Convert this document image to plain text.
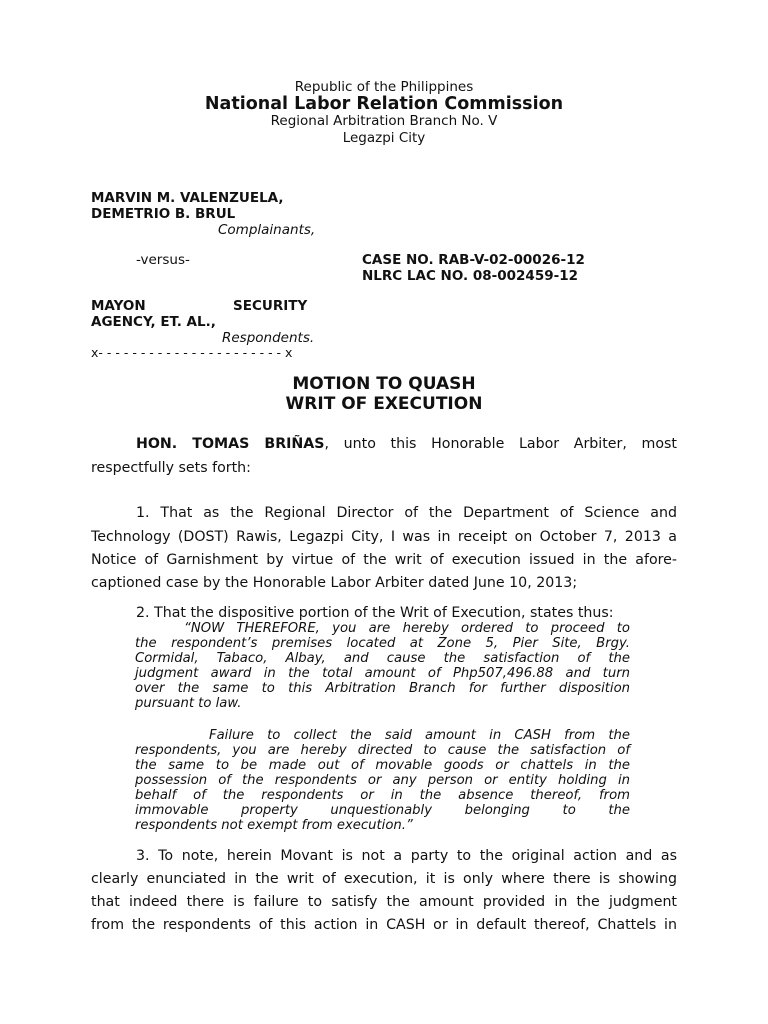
Republic of the Philippines
National Labor Relation Commission
Regional Arbitration Branch No. V
Legazpi City
MARVIN M. VALENZUELA,
DEMETRIO B. BRUL
Complainants,
-versus-	CASE NO. RAB-V-02-00026-12
NLRC LAC NO. 08-002459-12
MAYON	SECURITY
AGENCY, ET. AL.,
Respondents.
x- - - - - - - - - - - - - - - - - - - - - - x
MOTION TO QUASH
WRIT OF EXECUTION
HON. TOMAS BRIÑAS, unto this Honorable Labor Arbiter, most
respectfully sets forth:
1. That as the Regional Director of the Department of Science and
Technology (DOST) Rawis, Legazpi City, I was in receipt on October 7, 2013 a
Notice of Garnishment by virtue of the writ of execution issued in the afore-
captioned case by the Honorable Labor Arbiter dated June 10, 2013;
2. That the dispositive portion of the Writ of Execution, states thus:
“NOW THEREFORE, you are hereby ordered to proceed to
the respondent’s premises located at Zone 5, Pier Site, Brgy.
Cormidal, Tabaco, Albay, and cause the satisfaction of the
judgment award in the total amount of Php507,496.88 and turn
over the same to this Arbitration Branch for further disposition
pursuant to law.
Failure to collect the said amount in CASH from the
respondents, you are hereby directed to cause the satisfaction of
the same to be made out of movable goods or chattels in the
possession of the respondents or any person or entity holding in
behalf of the respondents or in the absence thereof, from
immovable property unquestionably belonging to the
respondents not exempt from execution.”
3. To note, herein Movant is not a party to the original action and as
clearly enunciated in the writ of execution, it is only where there is showing
that indeed there is failure to satisfy the amount provided in the judgment
from the respondents of this action in CASH or in default thereof, Chattels in
